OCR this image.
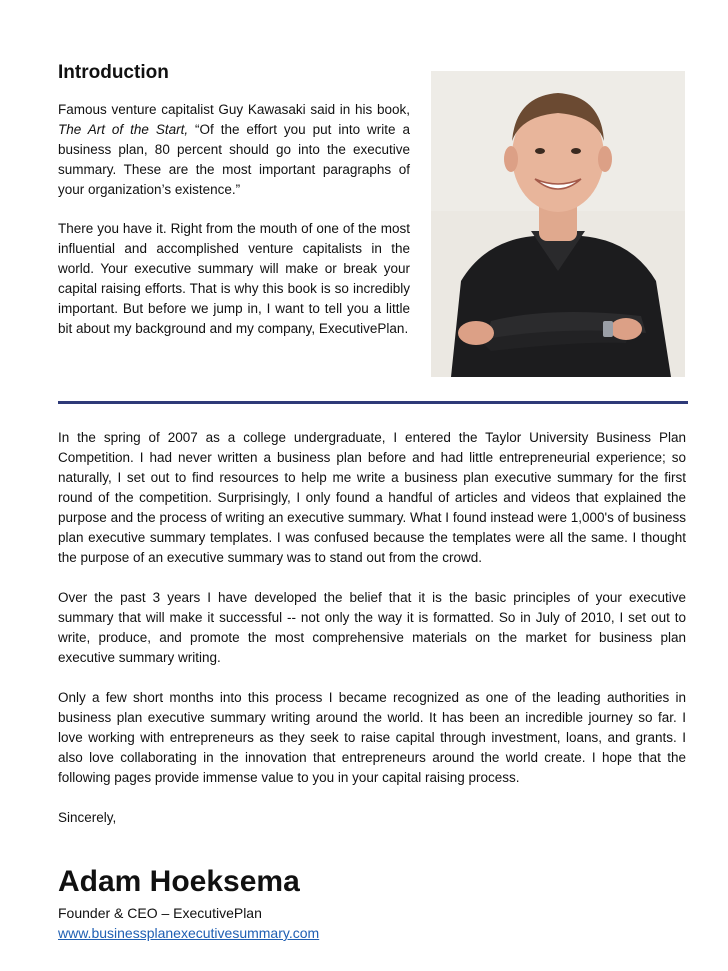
Introduction

Famous venture capitalist Guy Kawasaki said in his book, The Art of the Start, “Of the effort you put into write a business plan, 80 percent should go into the executive summary. These are the most important paragraphs of your organization’s existence.”

There you have it. Right from the mouth of one of the most influential and accomplished venture capitalists in the world. Your executive summary will make or break your capital raising efforts. That is why this book is so incredibly important. But before we jump in, I want to tell you a little bit about my background and my company, ExecutivePlan.

In the spring of 2007 as a college undergraduate, I entered the Taylor University Business Plan Competition. I had never written a business plan before and had little entrepreneurial experience; so naturally, I set out to find resources to help me write a business plan executive summary for the first round of the competition. Surprisingly, I only found a handful of articles and videos that explained the purpose and the process of writing an executive summary. What I found instead were 1,000's of business plan executive summary templates. I was confused because the templates were all the same. I thought the purpose of an executive summary was to stand out from the crowd.

Over the past 3 years I have developed the belief that it is the basic principles of your executive summary that will make it successful -- not only the way it is formatted. So in July of 2010, I set out to write, produce, and promote the most comprehensive materials on the market for business plan executive summary writing.

Only a few short months into this process I became recognized as one of the leading authorities in business plan executive summary writing around the world. It has been an incredible journey so far. I love working with entrepreneurs as they seek to raise capital through investment, loans, and grants. I also love collaborating in the innovation that entrepreneurs around the world create. I hope that the following pages provide immense value to you in your capital raising process.

Sincerely,

Adam Hoeksema
Founder & CEO – ExecutivePlan
www.businessplanexecutivesummary.com
